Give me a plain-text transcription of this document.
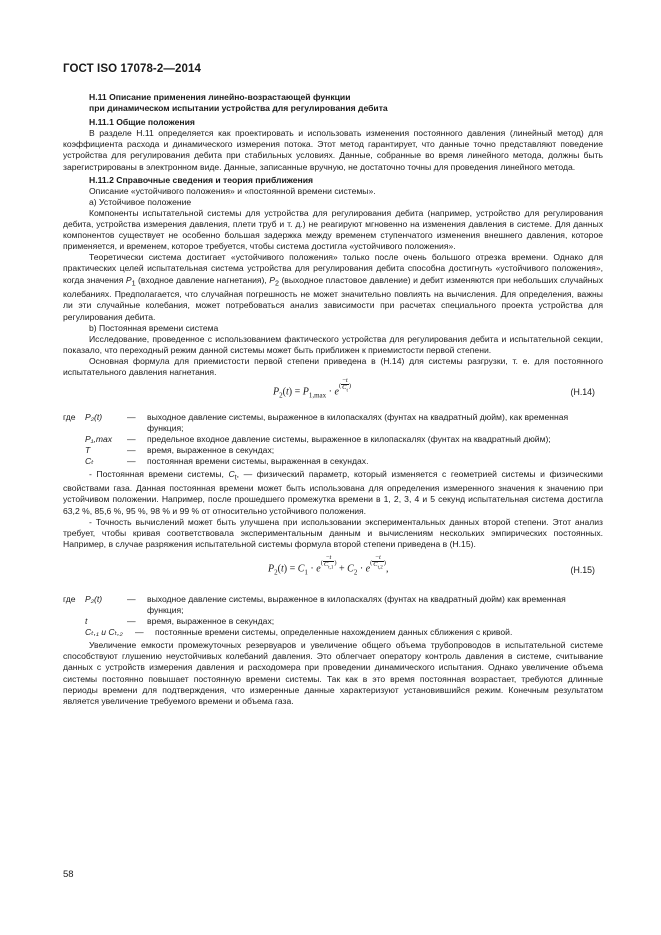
ГОСТ ISO 17078-2—2014

Н.11 Описание применения линейно-возрастающей функции

при динамическом испытании устройства для регулирования дебита

Н.11.1 Общие положения

В разделе Н.11 определяется как проектировать и использовать изменения постоянного давления (линейный метод) для коэффициента расхода и динамического измерения потока. Этот метод гарантирует, что данные точно представляют поведение устройства для регулирования дебита при стабильных условиях. Данные, собранные во время линейного метода, должны быть зарегистрированы в электронном виде. Данные, записанные вручную, не достаточно точны для проведения линейного метода.

Н.11.2 Справочные сведения и теория приближения

Описание «устойчивого положения» и «постоянной времени системы».

а) Устойчивое положение

Компоненты испытательной системы для устройства для регулирования дебита (например, устройство для регулирования дебита, устройства измерения давления, плети труб и т. д.) не реагируют мгновенно на изменения давления в системе. Для данных компонентов существует не особенно большая задержка между временем ступенчатого изменения внешнего давления, которое применяется, и временем, которое требуется, чтобы система достигла «устойчивого положения».

Теоретически система достигает «устойчивого положения» только после очень большого отрезка времени. Однако для практических целей испытательная система устройства для регулирования дебита способна достигнуть «устойчивого положения», когда значения $P_1$ (входное давление нагнетания), $P_2$ (выходное пластовое давление) и дебит изменяются при небольших случайных колебаниях. Предполагается, что случайная погрешность не может значительно повлиять на вычисления. Для определения, важны ли эти случайные колебания, может потребоваться анализ зависимости при расчетах специального проекта устройства для регулирования дебита.

b) Постоянная времени система

Исследование, проведенное с использованием фактического устройства для регулирования дебита и испытательной секции, показало, что переходный режим данной системы может быть приближен к приемистости первой степени.

Основная формула для приемистости первой степени приведена в (Н.14) для системы разгрузки, т. е. для постоянного испытательного давления нагнетания.

$P_2(t) = P_{1,max} \cdot e( \frac{-t}{C_t}$ )
(Н.14)
где P₂(t)	—	выходное давление системы, выраженное в килопаскалях (фунтах на квадратный дюйм), как временная функция;
P₁,max —	предельное входное давление системы, выраженное в килопаскалях (фунтах на квадратный дюйм);
T	—	время, выраженное в секундах;
Cₜ	—	постоянная времени системы, выраженная в секундах.

- Постоянная времени системы, $C_t$, — физический параметр, который изменяется с геометрией системы и физическими свойствами газа. Данная постоянная времени может быть использована для определения измеренного значения к значению при устойчивом положении. Например, после прошедшего промежутка времени в 1, 2, 3, 4 и 5 секунд испытательная система достигла 63,2 %, 85,6 %, 95 %, 98 % и 99 % от относительно устойчивого положения.

- Точность вычислений может быть улучшена при использовании экспериментальных данных второй степени. Этот анализ требует, чтобы кривая соответствовала экспериментальным данным и вычислениям нескольких эмпирических постоянных. Например, в случае разряжения испытательной системы формула второй степени приведена в (Н.15).

$P_2(t) = C_1 \cdot e( \frac{-t}{C_{t,1}}$ ) + $C_2 \cdot e( \frac{-t}{C_{t,2}}$ ),	(Н.15)
где P₂(t)	—	выходное давление системы, выраженное в килопаскалях (фунтах на квадратный дюйм) как временная функция;
t	—	время, выраженное в секундах;
Cₜ,₁ и Cₜ,₂	—	постоянные времени системы, определенные нахождением данных сближения с кривой.

Увеличение емкости промежуточных резервуаров и увеличение общего объема трубопроводов в испытательной системе способствуют глушению неустойчивых колебаний давления. Это облегчает оператору контроль давления в системе, считывание данных с устройств измерения давления и расходомера при проведении динамического испытания. Однако увеличение объема системы постоянно повышает постоянную времени системы. Так как в это время постоянная возрастает, требуются длинные периоды времени для подтверждения, что измеренные данные характеризуют установившийся режим. Конечным результатом является увеличение требуемого времени и объема газа.

58
